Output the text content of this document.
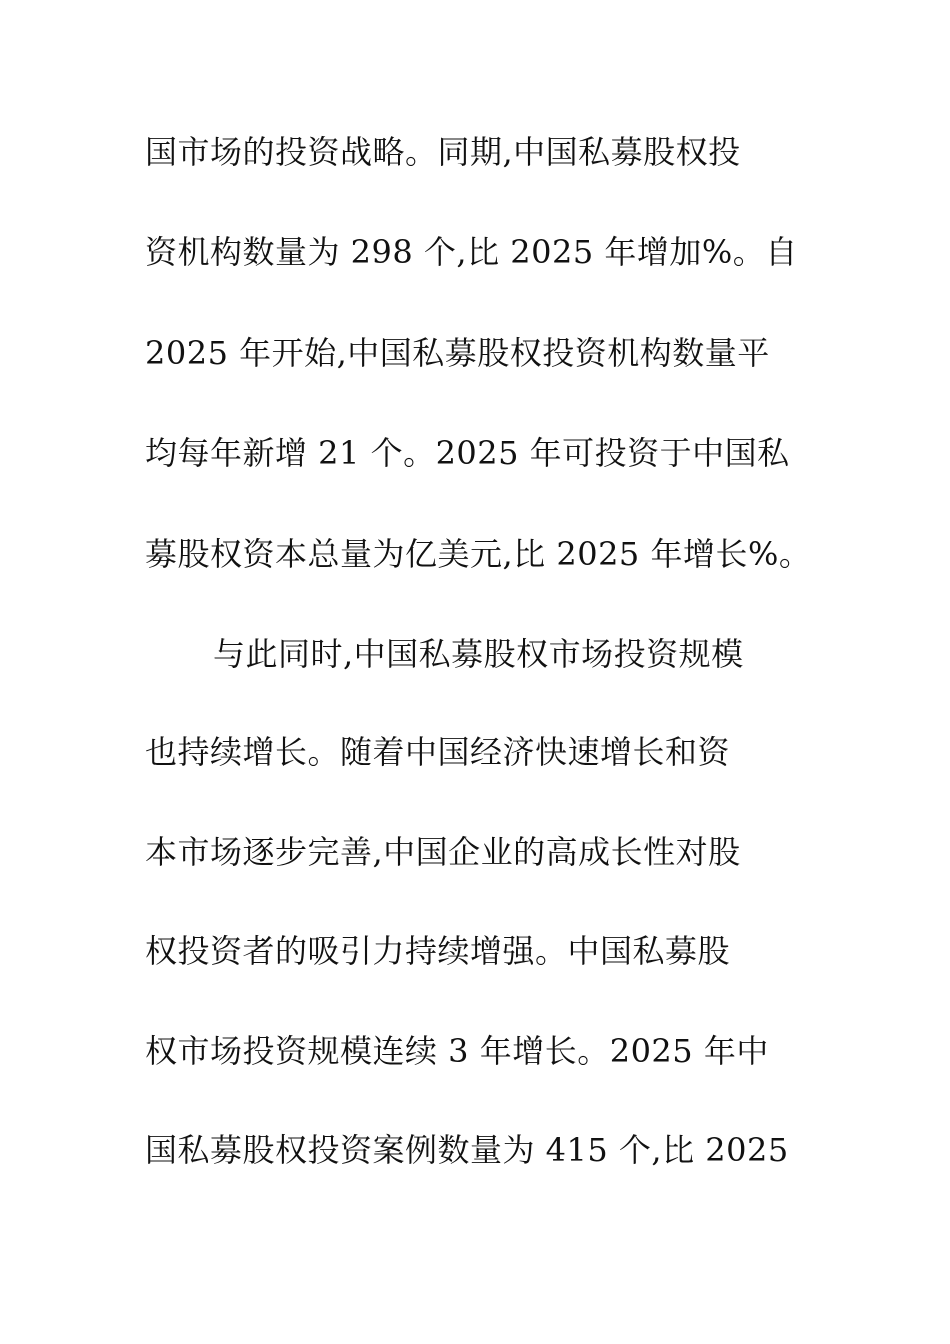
国市场的投资战略。同期,中国私募股权投
资机构数量为 298 个,比 2025 年增加%。自
2025 年开始,中国私募股权投资机构数量平
均每年新增 21 个。2025 年可投资于中国私
募股权资本总量为亿美元,比 2025 年增长%。
与此同时,中国私募股权市场投资规模
也持续增长。随着中国经济快速增长和资
本市场逐步完善,中国企业的高成长性对股
权投资者的吸引力持续增强。中国私募股
权市场投资规模连续 3 年增长。2025 年中
国私募股权投资案例数量为 415 个,比 2025
